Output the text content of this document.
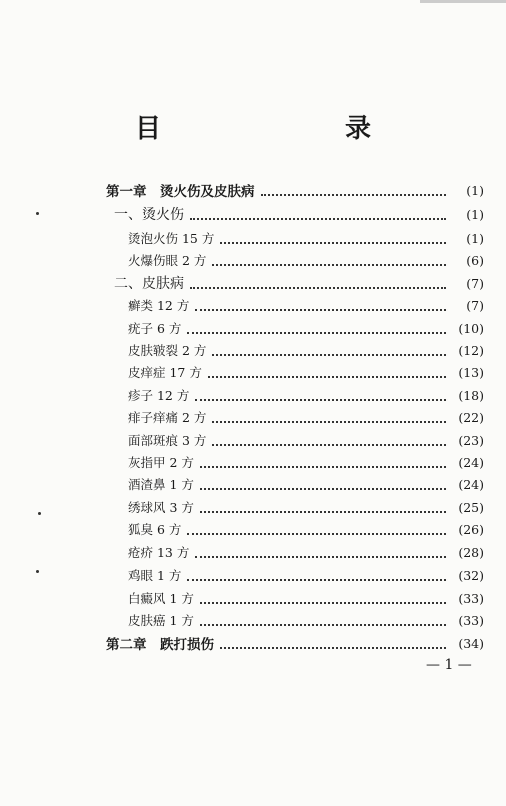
目　　录
第一章　烫火伤及皮肤病	(1)
一、烫火伤	(1)
烫泡火伤 15 方	(1)
火爆伤眼 2 方	(6)
二、皮肤病	(7)
癣类 12 方	(7)
疣子 6 方	(10)
皮肤皲裂 2 方	(12)
皮痒症 17 方	(13)
疹子 12 方	(18)
痱子痒痛 2 方	(22)
面部斑痕 3 方	(23)
灰指甲 2 方	(24)
酒渣鼻 1 方	(24)
绣球风 3 方	(25)
狐臭 6 方	(26)
疮疥 13 方	(28)
鸡眼 1 方	(32)
白癜风 1 方	(33)
皮肤癌 1 方	(33)
第二章　跌打损伤	(34)
— 1 —
